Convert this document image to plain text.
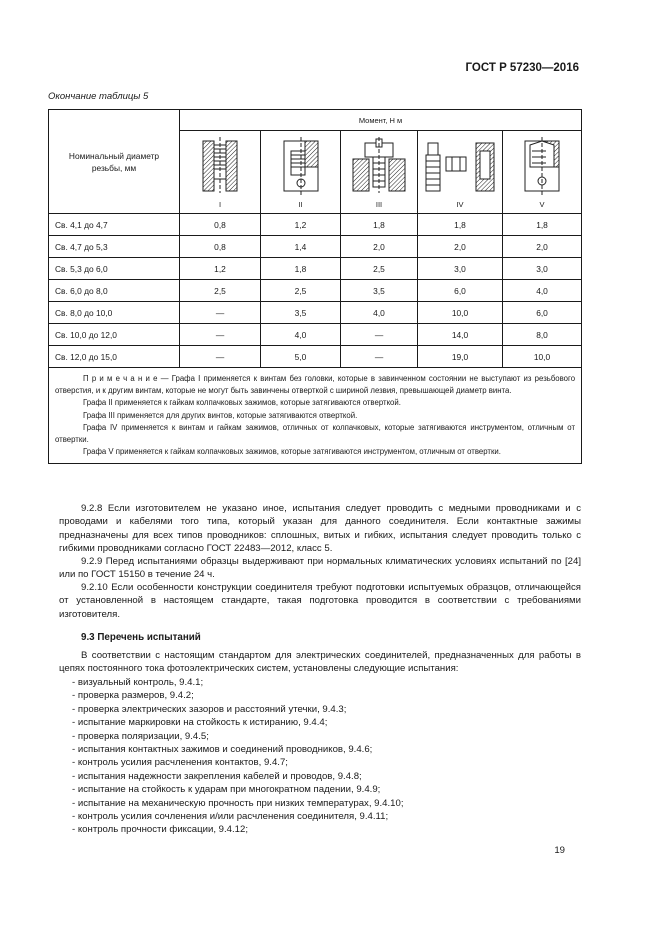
ГОСТ Р 57230—2016
Окончание таблицы 5
Номинальный диаметр резьбы, мм	Момент, Н м				

	I	II	III	IV	V

Св. 4,1 до 4,7	0,8	1,2	1,8	1,8	1,8
Св. 4,7 до 5,3	0,8	1,4	2,0	2,0	2,0
Св. 5,3 до 6,0	1,2	1,8	2,5	3,0	3,0
Св. 6,0 до 8,0	2,5	2,5	3,5	6,0	4,0
Св. 8,0 до 10,0	—	3,5	4,0	10,0	6,0
Св. 10,0 до 12,0	—	4,0	—	14,0	8,0
Св. 12,0 до 15,0	—	5,0	—	19,0	10,0

П р и м е ч а н и е — Графа I применяется к винтам без головки, которые в завинченном состоянии не выступают из резьбового отверстия, и к другим винтам, которые не могут быть завинчены отверткой с шириной лезвия, превышающей диаметр винта.

Графа II применяется к гайкам колпачковых зажимов, которые затягиваются отверткой.

Графа III применяется для других винтов, которые затягиваются отверткой.

Графа IV применяется к винтам и гайкам зажимов, отличных от колпачковых, которые затягиваются инструментом, отличным от отвертки.

Графа V применяется к гайкам колпачковых зажимов, которые затягиваются инструментом, отличным от отвертки.					

9.2.8 Если изготовителем не указано иное, испытания следует проводить с медными проводниками и с проводами и кабелями того типа, который указан для данного соединителя. Если контактные зажимы предназначены для всех типов проводников: сплошных, витых и гибких, испытания следует проводить только с гибкими проводниками согласно ГОСТ 22483—2012, класс 5.

9.2.9 Перед испытаниями образцы выдерживают при нормальных климатических условиях испытаний по [24] или по ГОСТ 15150 в течение 24 ч.

9.2.10 Если особенности конструкции соединителя требуют подготовки испытуемых образцов, отличающейся от установленной в настоящем стандарте, такая подготовка проводится в соответствии с требованиями изготовителя.

9.3 Перечень испытаний

В соответствии с настоящим стандартом для электрических соединителей, предназначенных для работы в цепях постоянного тока фотоэлектрических систем, установлены следующие испытания:

- визуальный контроль, 9.4.1;
- проверка размеров, 9.4.2;
- проверка электрических зазоров и расстояний утечки, 9.4.3;
- испытание маркировки на стойкость к истиранию, 9.4.4;
- проверка поляризации, 9.4.5;
- испытания контактных зажимов и соединений проводников, 9.4.6;
- контроль усилия расчленения контактов, 9.4.7;
- испытания надежности закрепления кабелей и проводов, 9.4.8;
- испытание на стойкость к ударам при многократном падении, 9.4.9;
- испытание на механическую прочность при низких температурах, 9.4.10;
- контроль усилия сочленения и/или расчленения соединителя, 9.4.11;
- контроль прочности фиксации, 9.4.12;
19
